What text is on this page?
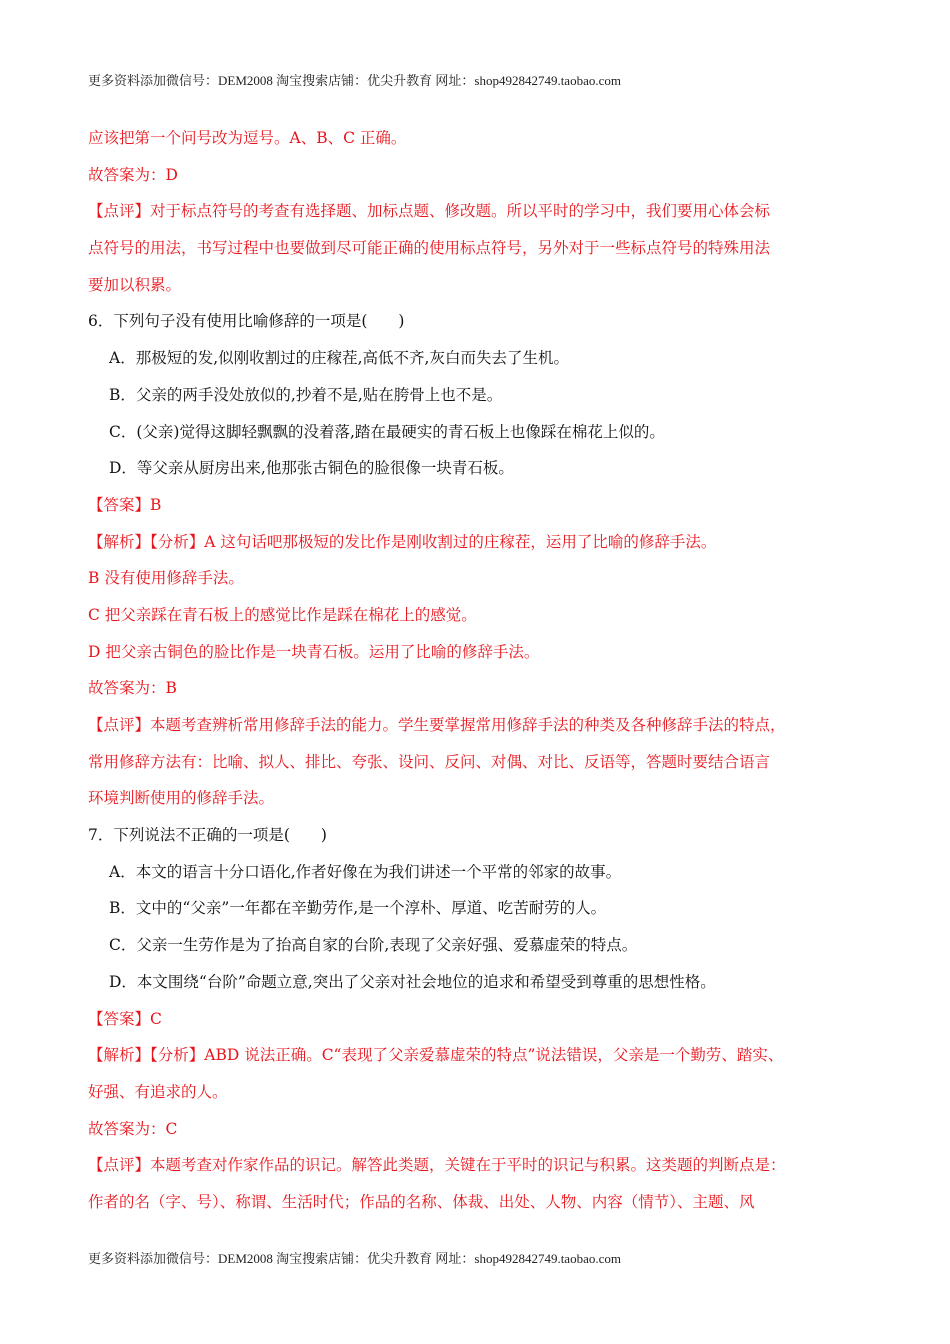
更多资料添加微信号：DEM2008 淘宝搜索店铺：优尖升教育 网址：shop492842749.taobao.com
应该把第一个问号改为逗号。A、B、C 正确。
故答案为：D
【点评】对于标点符号的考查有选择题、加标点题、修改题。所以平时的学习中，我们要用心体会标
点符号的用法，书写过程中也要做到尽可能正确的使用标点符号，另外对于一些标点符号的特殊用法
要加以积累。
6．下列句子没有使用比喻修辞的一项是(　　)
A．那极短的发,似刚收割过的庄稼茬,高低不齐,灰白而失去了生机。
B．父亲的两手没处放似的,抄着不是,贴在胯骨上也不是。
C．(父亲)觉得这脚轻飘飘的没着落,踏在最硬实的青石板上也像踩在棉花上似的。
D．等父亲从厨房出来,他那张古铜色的脸很像一块青石板。
【答案】B
【解析】【分析】A 这句话吧那极短的发比作是刚收割过的庄稼茬，运用了比喻的修辞手法。
B 没有使用修辞手法。
C 把父亲踩在青石板上的感觉比作是踩在棉花上的感觉。
D 把父亲古铜色的脸比作是一块青石板。运用了比喻的修辞手法。
故答案为：B
【点评】本题考查辨析常用修辞手法的能力。学生要掌握常用修辞手法的种类及各种修辞手法的特点，
常用修辞方法有：比喻、拟人、排比、夸张、设问、反问、对偶、对比、反语等，答题时要结合语言
环境判断使用的修辞手法。
7．下列说法不正确的一项是(　　)
A．本文的语言十分口语化,作者好像在为我们讲述一个平常的邻家的故事。
B．文中的“父亲”一年都在辛勤劳作,是一个淳朴、厚道、吃苦耐劳的人。
C．父亲一生劳作是为了抬高自家的台阶,表现了父亲好强、爱慕虚荣的特点。
D．本文围绕“台阶”命题立意,突出了父亲对社会地位的追求和希望受到尊重的思想性格。
【答案】C
【解析】【分析】ABD 说法正确。C“表现了父亲爱慕虚荣的特点”说法错误，父亲是一个勤劳、踏实、
好强、有追求的人。
故答案为：C
【点评】本题考查对作家作品的识记。解答此类题，关键在于平时的识记与积累。这类题的判断点是：
作者的名（字、号）、称谓、生活时代；作品的名称、体裁、出处、人物、内容（情节）、主题、风
更多资料添加微信号：DEM2008 淘宝搜索店铺：优尖升教育 网址：shop492842749.taobao.com
